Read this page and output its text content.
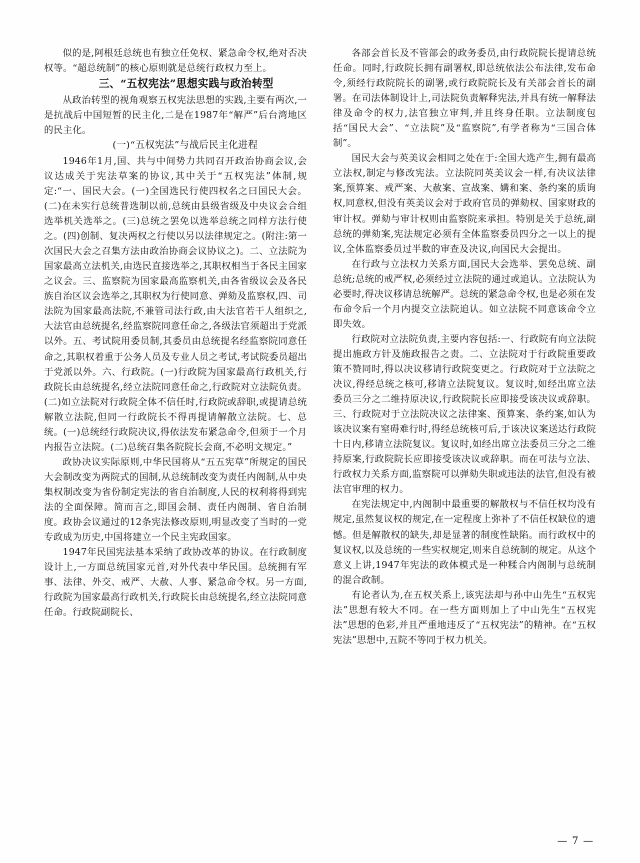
似的是,阿根廷总统也有独立任免权、紧急命令权,绝对否决权等。“超总统制”的核心原则就是总统行政权力至上。

三、“五权宪法”思想实践与政治转型

从政治转型的视角观察五权宪法思想的实践,主要有两次,一是抗战后中国短暂的民主化,二是在1987年“解严”后台湾地区的民主化。

(一)“五权宪法”与战后民主化进程

1946年1月,国、共与中间势力共同召开政治协商会议,会议达成关于宪法草案的协议,其中关于“五权宪法”体制,规定:“一、国民大会。(一)全国选民行使四权名之曰国民大会。(二)在未实行总统普选制以前,总统由县级省级及中央议会合组选举机关选举之。(三)总统之罢免以选举总统之同样方法行使之。(四)创制、复决两权之行使以另以法律规定之。(附注:第一次国民大会之召集方法由政治协商会议协议之)。二、立法院为国家最高立法机关,由选民直接选举之,其职权相当于各民主国家之议会。三、监察院为国家最高监察机关,由各省级议会及各民族自治区议会选举之,其职权为行使同意、弹劾及监察权,四、司法院为国家最高法院,不兼管司法行政,由大法官若干人组织之,大法官由总统提名,经监察院同意任命之,各级法官须超出于党派以外。五、考试院用委员制,其委员由总统提名经监察院同意任命之,其职权着重于公务人员及专业人员之考试,考试院委员超出于党派以外。六、行政院。(一)行政院为国家最高行政机关,行政院长由总统提名,经立法院同意任命之,行政院对立法院负责。(二)如立法院对行政院全体不信任时,行政院或辞职,或提请总统解散立法院,但同一行政院长不得再提请解散立法院。七、总统。(一)总统经行政院决议,得依法发布紧急命令,但须于一个月内报告立法院。(二)总统召集各院院长会商,不必明文规定。”

政协决议实际原则,中华民国将从“五五宪草”所规定的国民大会制改变为两院式的国制,从总统制改变为责任内阁制,从中央集权制改变为省份制定宪法的省自治制度,人民的权利将得到宪法的全面保障。简而言之,即国会制、责任内阁制、省自治制度。政协会议通过的12条宪法修改原则,明显改变了当时的一党专政成为历史,中国将建立一个民主宪政国家。

1947年民国宪法基本采纳了政协改革的协议。在行政制度设计上,一方面总统国家元首,对外代表中华民国。总统拥有军事、法律、外交、戒严、大赦、人事、紧急命令权。另一方面,行政院为国家最高行政机关,行政院长由总统提名,经立法院同意任命。行政院副院长、

各部会首长及不管部会的政务委员,由行政院院长提请总统任命。同时,行政院长拥有副署权,即总统依法公布法律,发布命令,须经行政院院长的副署,或行政院院长及有关部会首长的副署。在司法体制设计上,司法院负责解释宪法,并具有统一解释法律及命令的权力,法官独立审判,并且终身任职。立法制度包括“国民大会”、“立法院”及“监察院”,有学者称为“三国合体制”。

国民大会与英美议会相同之处在于:全国大选产生,拥有最高立法权,制定与修改宪法。立法院同英美议会一样,有决议法律案,预算案、戒严案、大赦案、宣战案、媾和案、条约案的质询权,同意权,但没有英美议会对于政府官员的弹劾权、国家财政的审计权。弹劾与审计权则由监察院来承担。特别是关于总统,副总统的弹劾案,宪法规定必须有全体监察委员四分之一以上的提议,全体监察委员过半数的审查及决议,向国民大会提出。

在行政与立法权力关系方面,国民大会选举、罢免总统、副总统;总统的戒严权,必须经过立法院的通过或追认。立法院认为必要时,得决议移请总统解严。总统的紧急命令权,也是必须在发布命令后一个月内提交立法院追认。如立法院不同意该命令立即失效。

行政院对立法院负责,主要内容包括:一、行政院有向立法院提出施政方针及施政报告之责。二、立法院对于行政院重要政策不赞同时,得以决议移请行政院变更之。行政院对于立法院之决议,得经总统之核可,移请立法院复议。复议时,如经出席立法委员三分之二维持原决议,行政院院长应即接受该决议或辞职。三、行政院对于立法院决议之法律案、预算案、条约案,如认为该决议案有窒碍难行时,得经总统核可后,于该决议案送达行政院十日内,移请立法院复议。复议时,如经出席立法委员三分之二维持原案,行政院院长应即接受该决议或辞职。而在可法与立法、行政权力关系方面,监察院可以弹劾失职或违法的法官,但没有被法官审理的权力。

在宪法规定中,内阁制中最重要的解散权与不信任权均没有规定,虽然复议权的规定,在一定程度上弥补了不信任权缺位的遗憾。但是解散权的缺失,却是显著的制度性缺陷。而行政权中的复议权,以及总统的一些实权规定,则来自总统制的规定。从这个意义上讲,1947年宪法的政体模式是一种糅合内阁制与总统制的混合政制。

有论者认为,在五权关系上,该宪法却与孙中山先生“五权宪法”思想有较大不同。在一些方面则加上了中山先生“五权宪法”思想的色彩,并且严重地违反了“五权宪法”的精神。在“五权宪法”思想中,五院不等同于权力机关。

— 7 —
